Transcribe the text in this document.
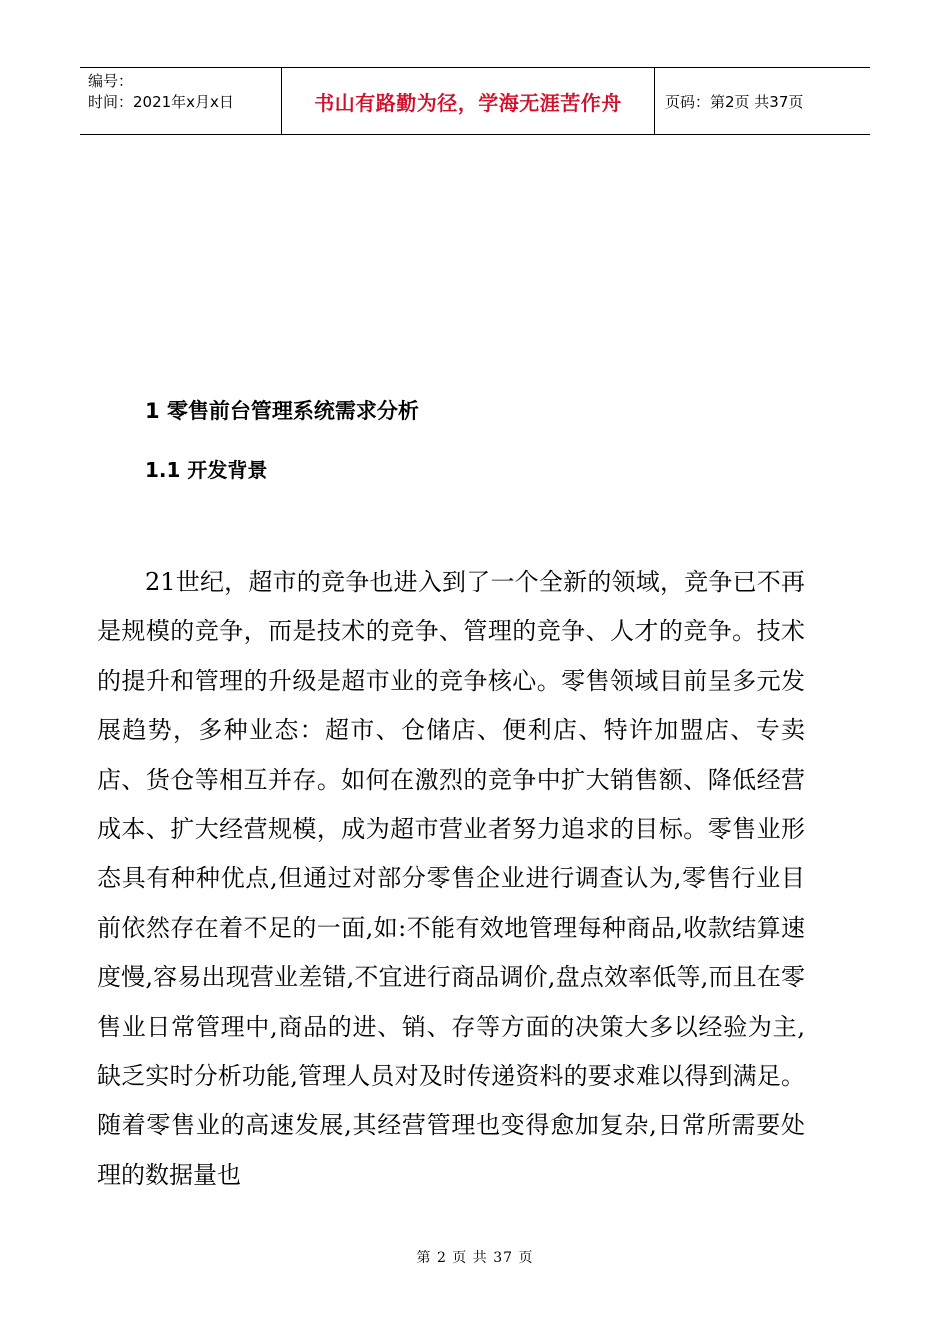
编号：
时间：2021年x月x日	书山有路勤为径，学海无涯苦作舟	页码：第2页 共37页
1 零售前台管理系统需求分析
1.1 开发背景

21世纪，超市的竞争也进入到了一个全新的领域，竞争已不再是规模的竞争，而是技术的竞争、管理的竞争、人才的竞争。技术的提升和管理的升级是超市业的竞争核心。零售领域目前呈多元发展趋势，多种业态：超市、仓储店、便利店、特许加盟店、专卖店、货仓等相互并存。如何在激烈的竞争中扩大销售额、降低经营成本、扩大经营规模，成为超市营业者努力追求的目标。零售业形态具有种种优点,但通过对部分零售企业进行调查认为,零售行业目前依然存在着不足的一面,如:不能有效地管理每种商品,收款结算速度慢,容易出现营业差错,不宜进行商品调价,盘点效率低等,而且在零售业日常管理中,商品的进、销、存等方面的决策大多以经验为主,缺乏实时分析功能,管理人员对及时传递资料的要求难以得到满足。随着零售业的高速发展,其经营管理也变得愈加复杂,日常所需要处理的数据量也

第 2 页 共 37 页
